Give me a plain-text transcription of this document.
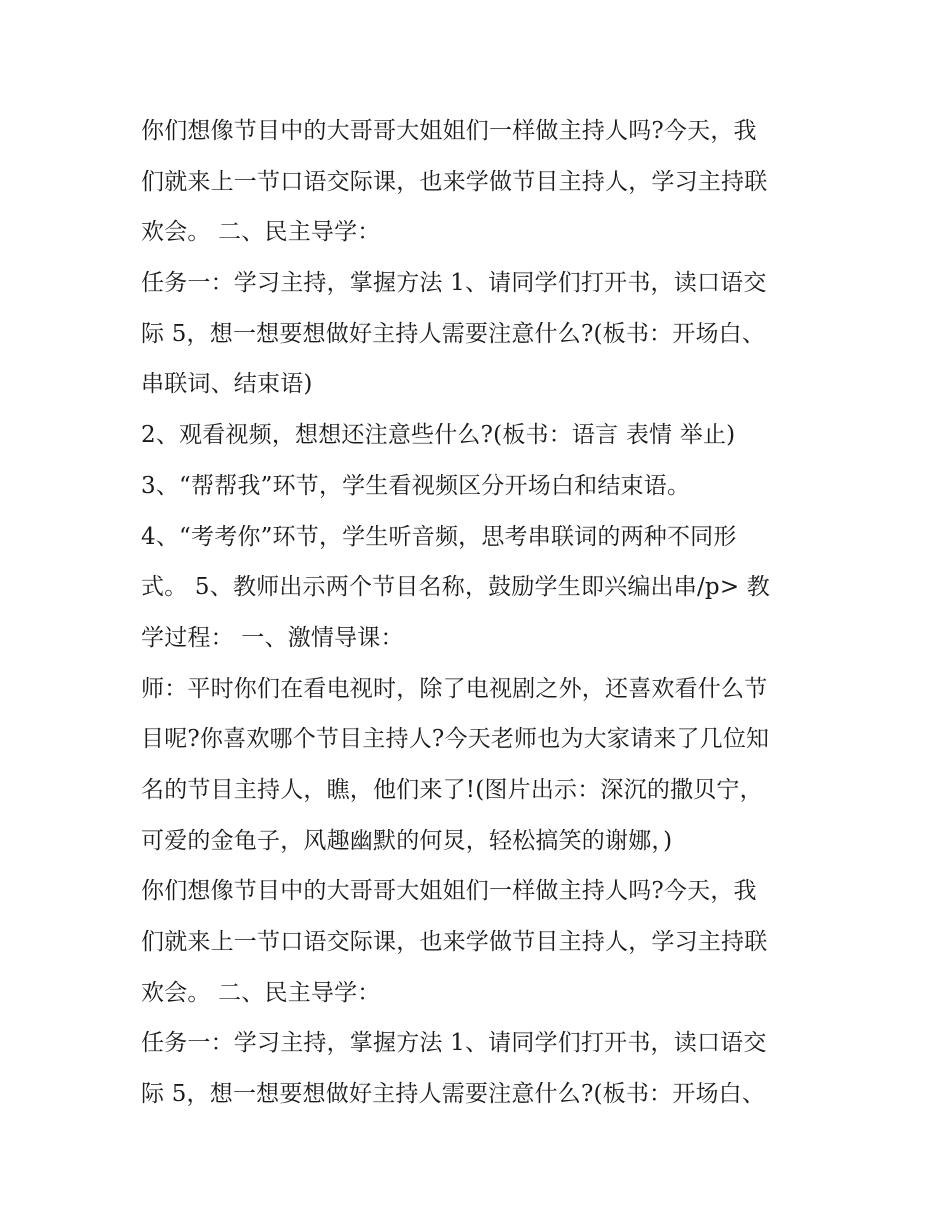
你们想像节目中的大哥哥大姐姐们一样做主持人吗?今天，我
们就来上一节口语交际课，也来学做节目主持人，学习主持联
欢会。 二、民主导学：
任务一：学习主持，掌握方法 1、请同学们打开书，读口语交
际 5，想一想要想做好主持人需要注意什么?(板书：开场白、
串联词、结束语)
2、观看视频，想想还注意些什么?(板书：语言 表情 举止)
3、“帮帮我”环节，学生看视频区分开场白和结束语。
4、“考考你”环节，学生听音频，思考串联词的两种不同形
式。 5、教师出示两个节目名称，鼓励学生即兴编出串/p> 教
学过程： 一、激情导课：
师：平时你们在看电视时，除了电视剧之外，还喜欢看什么节
目呢?你喜欢哪个节目主持人?今天老师也为大家请来了几位知
名的节目主持人，瞧，他们来了!(图片出示：深沉的撒贝宁，
可爱的金龟子，风趣幽默的何炅，轻松搞笑的谢娜，)
你们想像节目中的大哥哥大姐姐们一样做主持人吗?今天，我
们就来上一节口语交际课，也来学做节目主持人，学习主持联
欢会。 二、民主导学：
任务一：学习主持，掌握方法 1、请同学们打开书，读口语交
际 5，想一想要想做好主持人需要注意什么?(板书：开场白、
